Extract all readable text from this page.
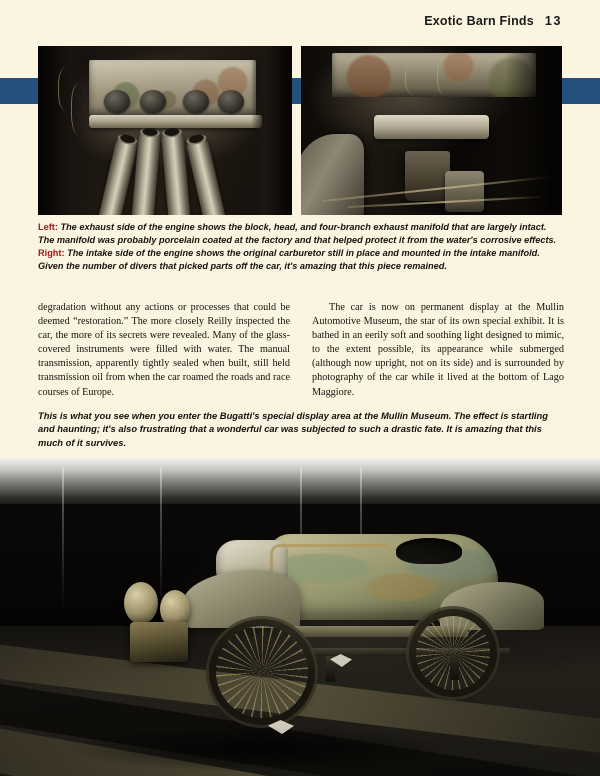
Exotic Barn Finds 13
Left: The exhaust side of the engine shows the block, head, and four-branch exhaust manifold that are largely intact. The manifold was probably porcelain coated at the factory and that helped protect it from the water's corrosive effects. Right: The intake side of the engine shows the original carburetor still in place and mounted in the intake manifold. Given the number of divers that picked parts off the car, it's amazing that this piece remained.

degradation without any actions or processes that could be deemed “restoration.” The more closely Reilly inspected the car, the more of its secrets were revealed. Many of the glass-covered instruments were filled with water. The manual transmission, apparently tightly sealed when built, still held transmission oil from when the car roamed the roads and race courses of Europe.

The car is now on permanent display at the Mullin Automotive Museum, the star of its own special exhibit. It is bathed in an eerily soft and soothing light designed to mimic, to the extent possible, its appearance while submerged (although now upright, not on its side) and is surrounded by photography of the car while it lived at the bottom of Lago Maggiore.

This is what you see when you enter the Bugatti's special display area at the Mullin Museum. The effect is startling and haunting; it's also frustrating that a wonderful car was subjected to such a drastic fate. It is amazing that this much of it survives.
